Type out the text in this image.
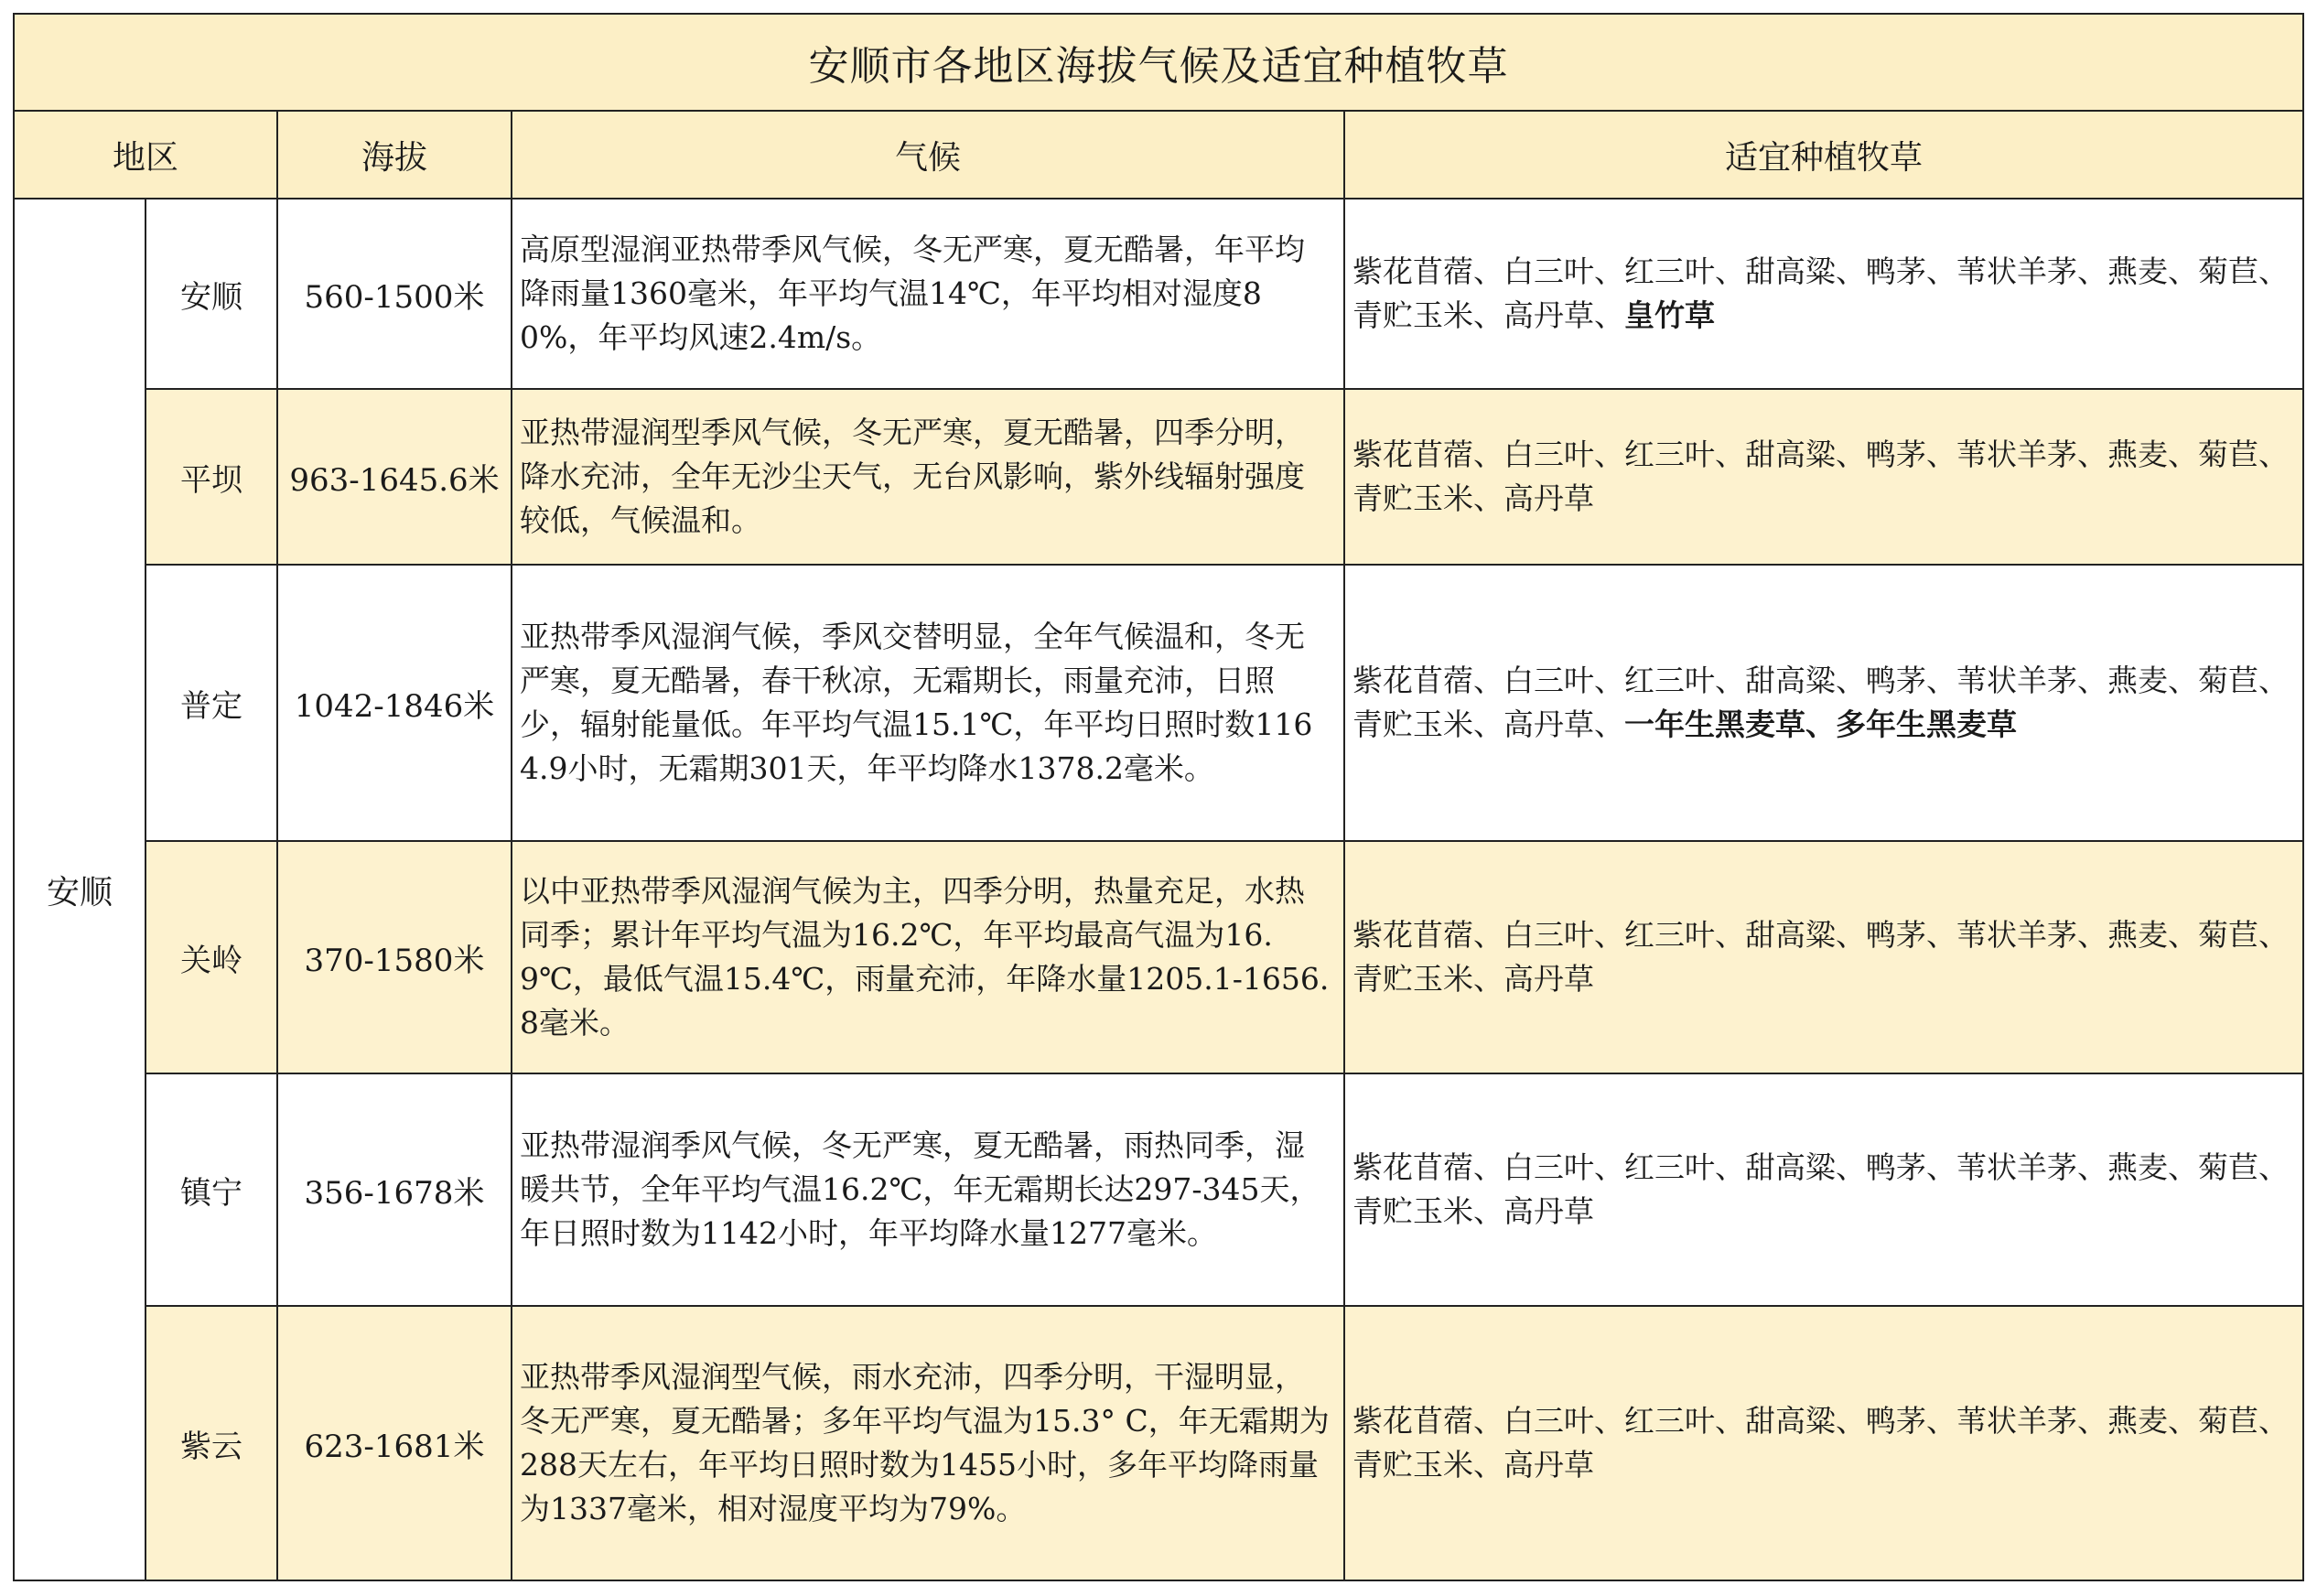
安顺市各地区海拔气候及适宜种植牧草				
地区		海拔	气候	适宜种植牧草
安顺	安顺	560-1500米	高原型湿润亚热带季风气候，冬无严寒，夏无酷暑，年平均降雨量1360毫米，年平均气温14℃，年平均相对湿度80%，年平均风速2.4m/s。	紫花苜蓿、白三叶、红三叶、甜高粱、鸭茅、苇状羊茅、燕麦、菊苣、青贮玉米、高丹草、皇竹草
	平坝	963-1645.6米	亚热带湿润型季风气候，冬无严寒，夏无酷暑，四季分明，降水充沛，全年无沙尘天气，无台风影响，紫外线辐射强度较低，气候温和。	紫花苜蓿、白三叶、红三叶、甜高粱、鸭茅、苇状羊茅、燕麦、菊苣、青贮玉米、高丹草
	普定	1042-1846米	亚热带季风湿润气候，季风交替明显，全年气候温和，冬无严寒，夏无酷暑，春干秋凉，无霜期长，雨量充沛，日照少，辐射能量低。年平均气温15.1℃，年平均日照时数1164.9小时，无霜期301天，年平均降水1378.2毫米。	紫花苜蓿、白三叶、红三叶、甜高粱、鸭茅、苇状羊茅、燕麦、菊苣、青贮玉米、高丹草、一年生黑麦草、多年生黑麦草
	关岭	370-1580米	以中亚热带季风湿润气候为主，四季分明，热量充足，水热同季；累计年平均气温为16.2℃，年平均最高气温为16.9℃，最低气温15.4℃，雨量充沛，年降水量1205.1-1656.8毫米。	紫花苜蓿、白三叶、红三叶、甜高粱、鸭茅、苇状羊茅、燕麦、菊苣、青贮玉米、高丹草
	镇宁	356-1678米	亚热带湿润季风气候，冬无严寒，夏无酷暑，雨热同季，湿暖共节，全年平均气温16.2℃，年无霜期长达297-345天，年日照时数为1142小时，年平均降水量1277毫米。	紫花苜蓿、白三叶、红三叶、甜高粱、鸭茅、苇状羊茅、燕麦、菊苣、青贮玉米、高丹草
	紫云	623-1681米	亚热带季风湿润型气候，雨水充沛，四季分明，干湿明显，冬无严寒，夏无酷暑；多年平均气温为15.3° C，年无霜期为288天左右，年平均日照时数为1455小时，多年平均降雨量为1337毫米，相对湿度平均为79%。	紫花苜蓿、白三叶、红三叶、甜高粱、鸭茅、苇状羊茅、燕麦、菊苣、青贮玉米、高丹草
